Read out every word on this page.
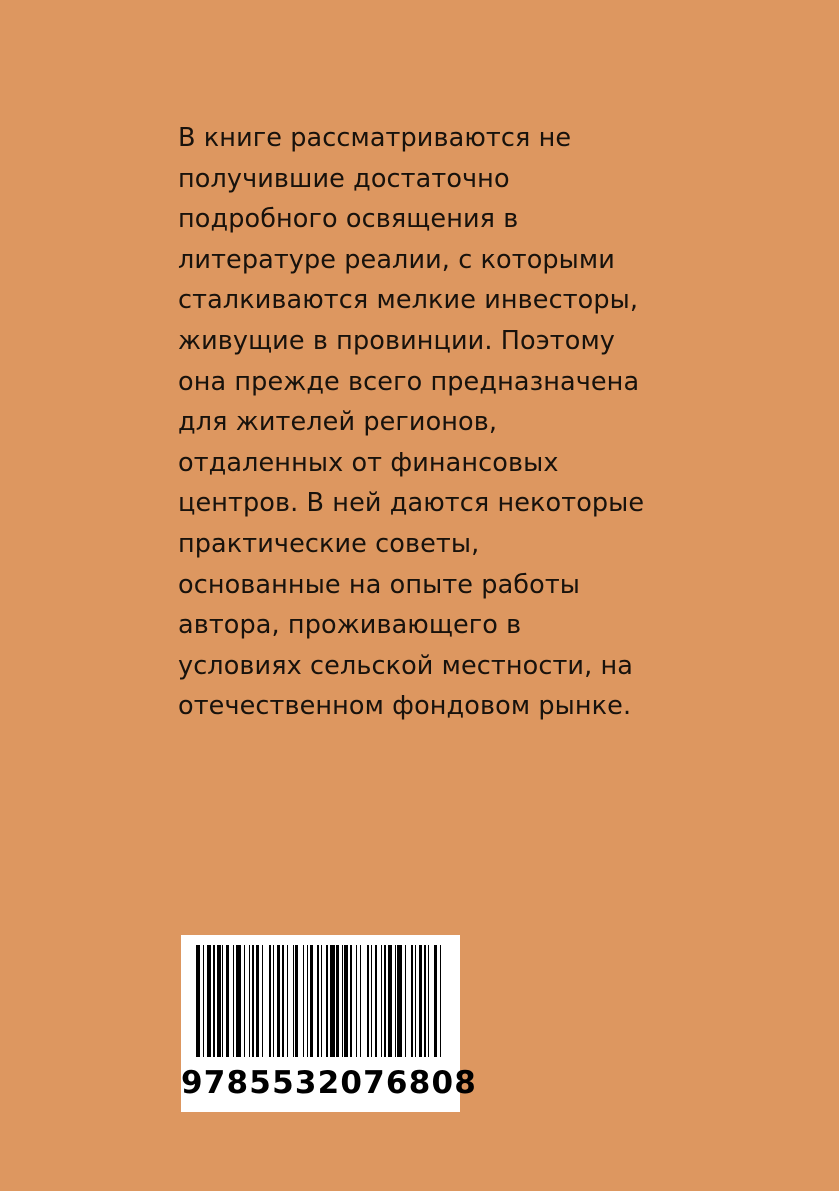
В книге рассматриваются не получившие достаточно подробного освящения в литературе реалии, с которыми сталкиваются мелкие инвесторы, живущие в провинции. Поэтому она прежде всего предназначена для жителей регионов, отдаленных от финансовых центров. В ней даются некоторые практические советы, основанные на опыте работы автора, проживающего в условиях сельской местности, на отечественном фондовом рынке.
9785532076808
